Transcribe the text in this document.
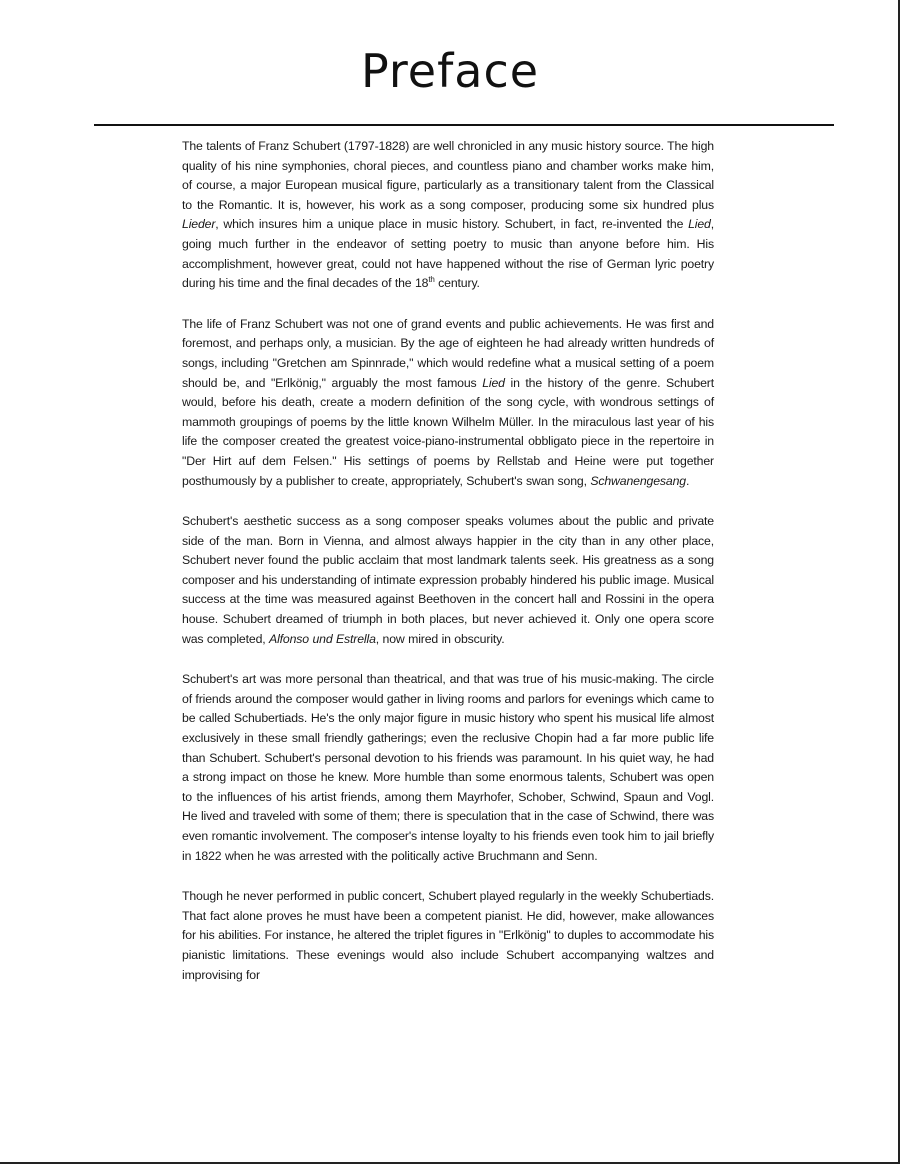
Preface

The talents of Franz Schubert (1797-1828) are well chronicled in any music history source. The high quality of his nine symphonies, choral pieces, and countless piano and chamber works make him, of course, a major European musical figure, particularly as a transitionary talent from the Classical to the Romantic. It is, however, his work as a song composer, producing some six hundred plus Lieder, which insures him a unique place in music history. Schubert, in fact, re-invented the Lied, going much further in the endeavor of setting poetry to music than anyone before him. His accomplishment, however great, could not have happened without the rise of German lyric poetry during his time and the final decades of the 18th century.

The life of Franz Schubert was not one of grand events and public achievements. He was first and foremost, and perhaps only, a musician. By the age of eighteen he had already written hundreds of songs, including "Gretchen am Spinnrade," which would redefine what a musical setting of a poem should be, and "Erlkönig," arguably the most famous Lied in the history of the genre. Schubert would, before his death, create a modern definition of the song cycle, with wondrous settings of mammoth groupings of poems by the little known Wilhelm Müller. In the miraculous last year of his life the composer created the greatest voice-piano-instrumental obbligato piece in the repertoire in "Der Hirt auf dem Felsen." His settings of poems by Rellstab and Heine were put together posthumously by a publisher to create, appropriately, Schubert's swan song, Schwanengesang.

Schubert's aesthetic success as a song composer speaks volumes about the public and private side of the man. Born in Vienna, and almost always happier in the city than in any other place, Schubert never found the public acclaim that most landmark talents seek. His greatness as a song composer and his understanding of intimate expression probably hindered his public image. Musical success at the time was measured against Beethoven in the concert hall and Rossini in the opera house. Schubert dreamed of triumph in both places, but never achieved it. Only one opera score was completed, Alfonso und Estrella, now mired in obscurity.

Schubert's art was more personal than theatrical, and that was true of his music-making. The circle of friends around the composer would gather in living rooms and parlors for evenings which came to be called Schubertiads. He's the only major figure in music history who spent his musical life almost exclusively in these small friendly gatherings; even the reclusive Chopin had a far more public life than Schubert. Schubert's personal devotion to his friends was paramount. In his quiet way, he had a strong impact on those he knew. More humble than some enormous talents, Schubert was open to the influences of his artist friends, among them Mayrhofer, Schober, Schwind, Spaun and Vogl. He lived and traveled with some of them; there is speculation that in the case of Schwind, there was even romantic involvement. The composer's intense loyalty to his friends even took him to jail briefly in 1822 when he was arrested with the politically active Bruchmann and Senn.

Though he never performed in public concert, Schubert played regularly in the weekly Schubertiads. That fact alone proves he must have been a competent pianist. He did, however, make allowances for his abilities. For instance, he altered the triplet figures in "Erlkönig" to duples to accommodate his pianistic limitations. These evenings would also include Schubert accompanying waltzes and improvising for
